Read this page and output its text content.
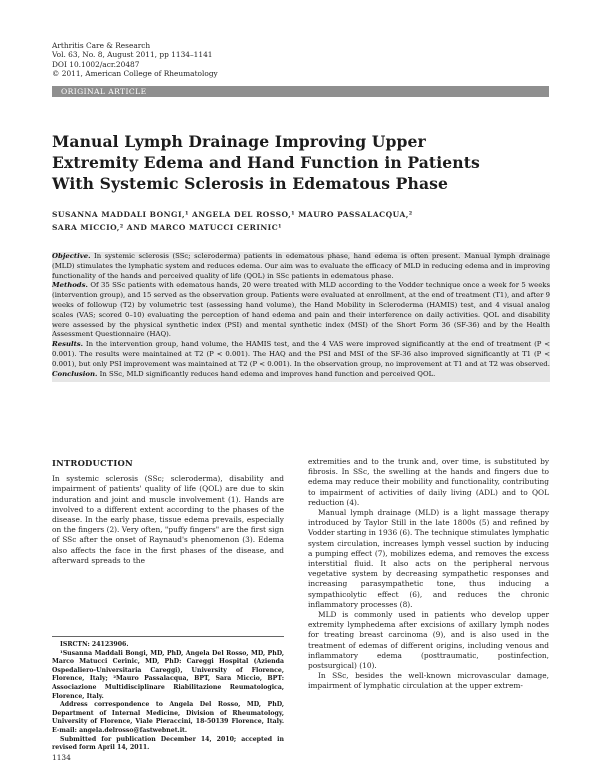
Arthritis Care & Research
Vol. 63, No. 8, August 2011, pp 1134–1141
DOI 10.1002/acr.20487
© 2011, American College of Rheumatology
ORIGINAL ARTICLE
Manual Lymph Drainage Improving Upper
Extremity Edema and Hand Function in Patients
With Systemic Sclerosis in Edematous Phase
SUSANNA MADDALI BONGI,¹ ANGELA DEL ROSSO,¹ MAURO PASSALACQUA,²
SARA MICCIO,² AND MARCO MATUCCI CERINIC¹

Objective. In systemic sclerosis (SSc; scleroderma) patients in edematous phase, hand edema is often present. Manual lymph drainage (MLD) stimulates the lymphatic system and reduces edema. Our aim was to evaluate the efficacy of MLD in reducing edema and in improving functionality of the hands and perceived quality of life (QOL) in SSc patients in edematous phase.

Methods. Of 35 SSc patients with edematous hands, 20 were treated with MLD according to the Vodder technique once a week for 5 weeks (intervention group), and 15 served as the observation group. Patients were evaluated at enrollment, at the end of treatment (T1), and after 9 weeks of followup (T2) by volumetric test (assessing hand volume), the Hand Mobility in Scleroderma (HAMIS) test, and 4 visual analog scales (VAS; scored 0–10) evaluating the perception of hand edema and pain and their interference on daily activities. QOL and disability were assessed by the physical synthetic index (PSI) and mental synthetic index (MSI) of the Short Form 36 (SF-36) and by the Health Assessment Questionnaire (HAQ).

Results. In the intervention group, hand volume, the HAMIS test, and the 4 VAS were improved significantly at the end of treatment (P < 0.001). The results were maintained at T2 (P < 0.001). The HAQ and the PSI and MSI of the SF-36 also improved significantly at T1 (P < 0.001), but only PSI improvement was maintained at T2 (P < 0.001). In the observation group, no improvement at T1 and at T2 was observed.

Conclusion. In SSc, MLD significantly reduces hand edema and improves hand function and perceived QOL.

INTRODUCTION

In systemic sclerosis (SSc; scleroderma), disability and impairment of patients' quality of life (QOL) are due to skin induration and joint and muscle involvement (1). Hands are involved to a different extent according to the phases of the disease. In the early phase, tissue edema prevails, especially on the fingers (2). Very often, "puffy fingers" are the first sign of SSc after the onset of Raynaud's phenomenon (3). Edema also affects the face in the first phases of the disease, and afterward spreads to the

ISRCTN: 24123906.

¹Susanna Maddali Bongi, MD, PhD, Angela Del Rosso, MD, PhD, Marco Matucci Cerinic, MD, PhD: Careggi Hospital (Azienda Ospedaliero-Universitaria Careggi), University of Florence, Florence, Italy; ²Mauro Passalacqua, BPT, Sara Miccio, BPT: Associazione Multidisciplinare Riabilitazione Reumatologica, Florence, Italy.

Address correspondence to Angela Del Rosso, MD, PhD, Department of Internal Medicine, Division of Rheumatology, University of Florence, Viale Pieraccini, 18-50139 Florence, Italy. E-mail: angela.delrosso@fastwebnet.it.

Submitted for publication December 14, 2010; accepted in revised form April 14, 2011.

extremities and to the trunk and, over time, is substituted by fibrosis. In SSc, the swelling at the hands and fingers due to edema may reduce their mobility and functionality, contributing to impairment of activities of daily living (ADL) and to QOL reduction (4).

Manual lymph drainage (MLD) is a light massage therapy introduced by Taylor Still in the late 1800s (5) and refined by Vodder starting in 1936 (6). The technique stimulates lymphatic system circulation, increases lymph vessel suction by inducing a pumping effect (7), mobilizes edema, and removes the excess interstitial fluid. It also acts on the peripheral nervous vegetative system by decreasing sympathetic responses and increasing parasympathetic tone, thus inducing a sympathicolytic effect (6), and reduces the chronic inflammatory processes (8).

MLD is commonly used in patients who develop upper extremity lymphedema after excisions of axillary lymph nodes for treating breast carcinoma (9), and is also used in the treatment of edemas of different origins, including venous and inflammatory edema (posttraumatic, postinfection, postsurgical) (10).

In SSc, besides the well-known microvascular damage, impairment of lymphatic circulation at the upper extrem-

1134
